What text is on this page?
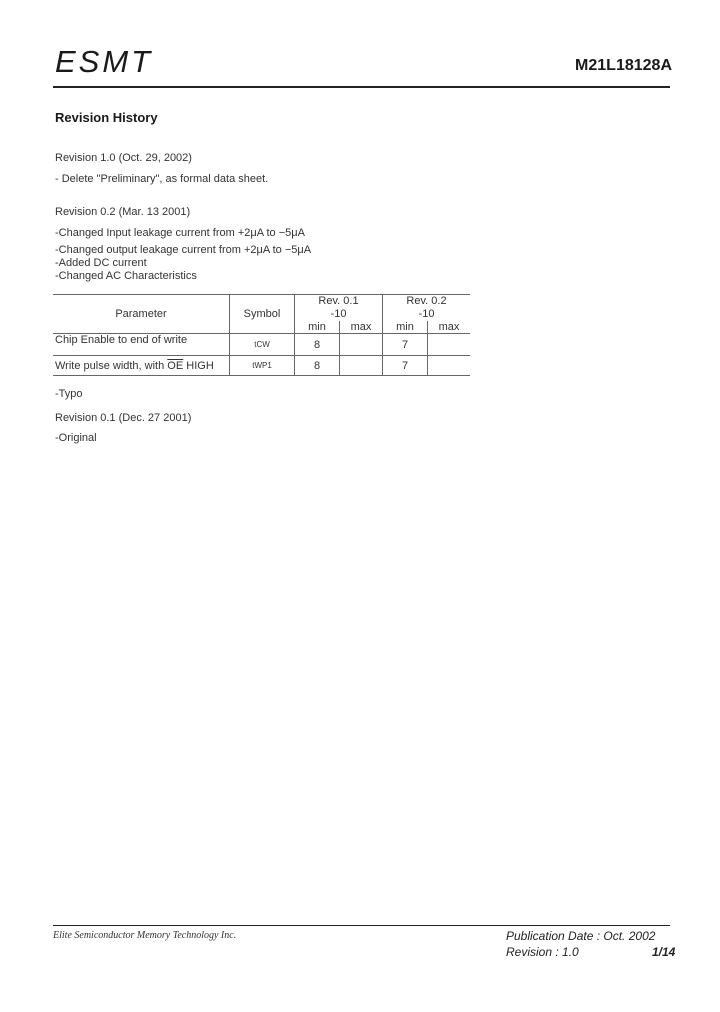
ESMT	M21L18128A
Revision History
Revision 1.0 (Oct. 29, 2002)
- Delete "Preliminary", as formal data sheet.
Revision 0.2 (Mar. 13 2001)
-Changed Input leakage current from +2μA to −5μA
-Changed output leakage current from +2μA to −5μA
-Added DC current
-Changed AC Characteristics
Parameter	Symbol	Rev. 0.1		Rev. 0.2	
		-10		-10	
		min	max	min	max
Chip Enable to end of write	tCW	8		7	
Write pulse width, with $\overline{OE}$ HIGH	tWP1	8		7	
-Typo
Revision 0.1 (Dec. 27 2001)
-Original
Elite Semiconductor Memory Technology Inc.	Publication Date : Oct. 2002
Revision : 1.0	1/14
